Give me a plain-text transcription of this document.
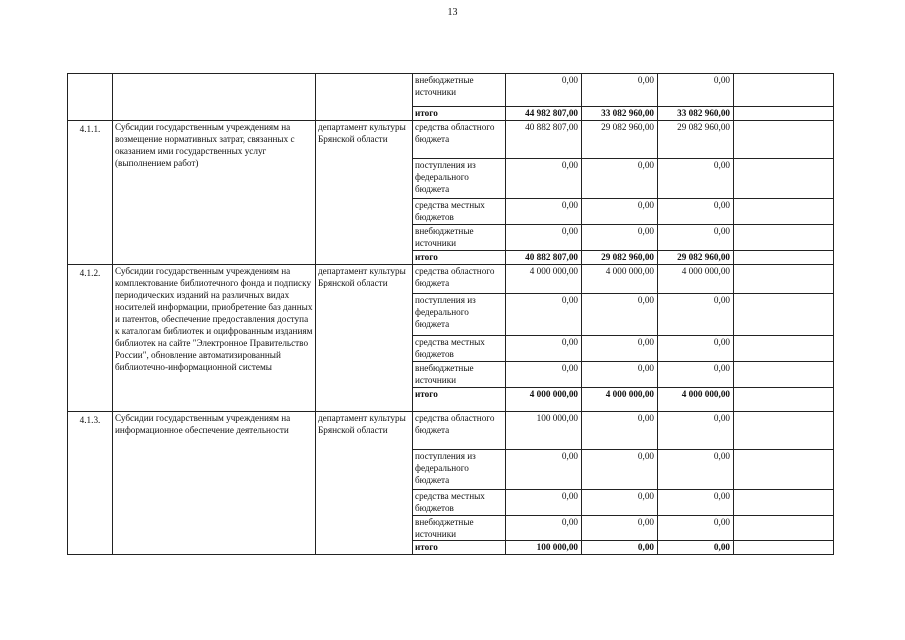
13
			внебюджетные источники	0,00	0,00	0,00	
			итого	44 982 807,00	33 082 960,00	33 082 960,00	
4.1.1.	Субсидии государственным учреждениям на возмещение нормативных затрат, связанных с оказанием ими государственных услуг (выполнением работ)	департамент культуры Брянской области	средства областного бюджета	40 882 807,00	29 082 960,00	29 082 960,00	
			поступления из федерального бюджета	0,00	0,00	0,00	
			средства местных бюджетов	0,00	0,00	0,00	
			внебюджетные источники	0,00	0,00	0,00	
			итого	40 882 807,00	29 082 960,00	29 082 960,00	
4.1.2.	Субсидии государственным учреждениям на комплектование библиотечного фонда и подписку периодических изданий на различных видах носителей информации, приобретение баз данных и патентов, обеспечение предоставления доступа к каталогам библиотек и оцифрованным изданиям библиотек на сайте "Электронное Правительство России", обновление автоматизированный библиотечно-информационной системы	департамент культуры Брянской области	средства областного бюджета	4 000 000,00	4 000 000,00	4 000 000,00	
			поступления из федерального бюджета	0,00	0,00	0,00	
			средства местных бюджетов	0,00	0,00	0,00	
			внебюджетные источники	0,00	0,00	0,00	
			итого	4 000 000,00	4 000 000,00	4 000 000,00	
4.1.3.	Субсидии государственным учреждениям на информационное обеспечение деятельности	департамент культуры Брянской области	средства областного бюджета	100 000,00	0,00	0,00	
			поступления из федерального бюджета	0,00	0,00	0,00	
			средства местных бюджетов	0,00	0,00	0,00	
			внебюджетные источники	0,00	0,00	0,00	
			итого	100 000,00	0,00	0,00	
